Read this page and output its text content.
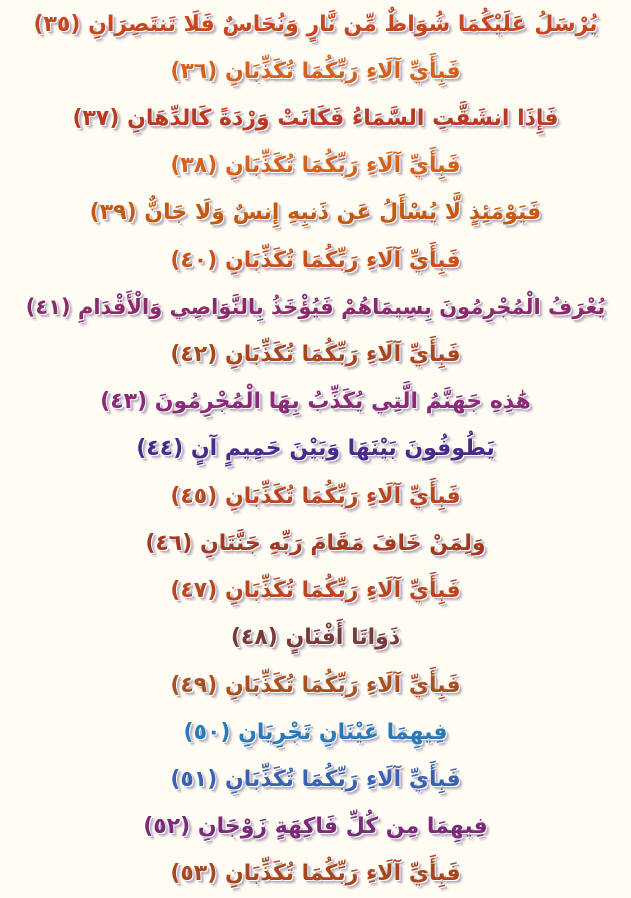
يُرْسَلُ عَلَيْكُمَا شُوَاظٌ مِّن نَّارٍ وَنُحَاسٌ فَلَا تَنتَصِرَانِ (٣٥)
فَبِأَيِّ آلَاءِ رَبِّكُمَا تُكَذِّبَانِ (٣٦)
فَإِذَا انشَقَّتِ السَّمَاءُ فَكَانَتْ وَرْدَةً كَالدِّهَانِ (٣٧)
فَبِأَيِّ آلَاءِ رَبِّكُمَا تُكَذِّبَانِ (٣٨)
فَيَوْمَئِذٍ لَّا يُسْأَلُ عَن ذَنبِهِ إِنسٌ وَلَا جَانٌّ (٣٩)
فَبِأَيِّ آلَاءِ رَبِّكُمَا تُكَذِّبَانِ (٤٠)
يُعْرَفُ الْمُجْرِمُونَ بِسِيمَاهُمْ فَيُؤْخَذُ بِالنَّوَاصِي وَالْأَقْدَامِ (٤١)
فَبِأَيِّ آلَاءِ رَبِّكُمَا تُكَذِّبَانِ (٤٢)
هَٰذِهِ جَهَنَّمُ الَّتِي يُكَذِّبُ بِهَا الْمُجْرِمُونَ (٤٣)
يَطُوفُونَ بَيْنَهَا وَبَيْنَ حَمِيمٍ آنٍ (٤٤)
فَبِأَيِّ آلَاءِ رَبِّكُمَا تُكَذِّبَانِ (٤٥)
وَلِمَنْ خَافَ مَقَامَ رَبِّهِ جَنَّتَانِ (٤٦)
فَبِأَيِّ آلَاءِ رَبِّكُمَا تُكَذِّبَانِ (٤٧)
ذَوَاتَا أَفْنَانٍ (٤٨)
فَبِأَيِّ آلَاءِ رَبِّكُمَا تُكَذِّبَانِ (٤٩)
فِيهِمَا عَيْنَانِ تَجْرِيَانِ (٥٠)
فَبِأَيِّ آلَاءِ رَبِّكُمَا تُكَذِّبَانِ (٥١)
فِيهِمَا مِن كُلِّ فَاكِهَةٍ زَوْجَانِ (٥٢)
فَبِأَيِّ آلَاءِ رَبِّكُمَا تُكَذِّبَانِ (٥٣)
